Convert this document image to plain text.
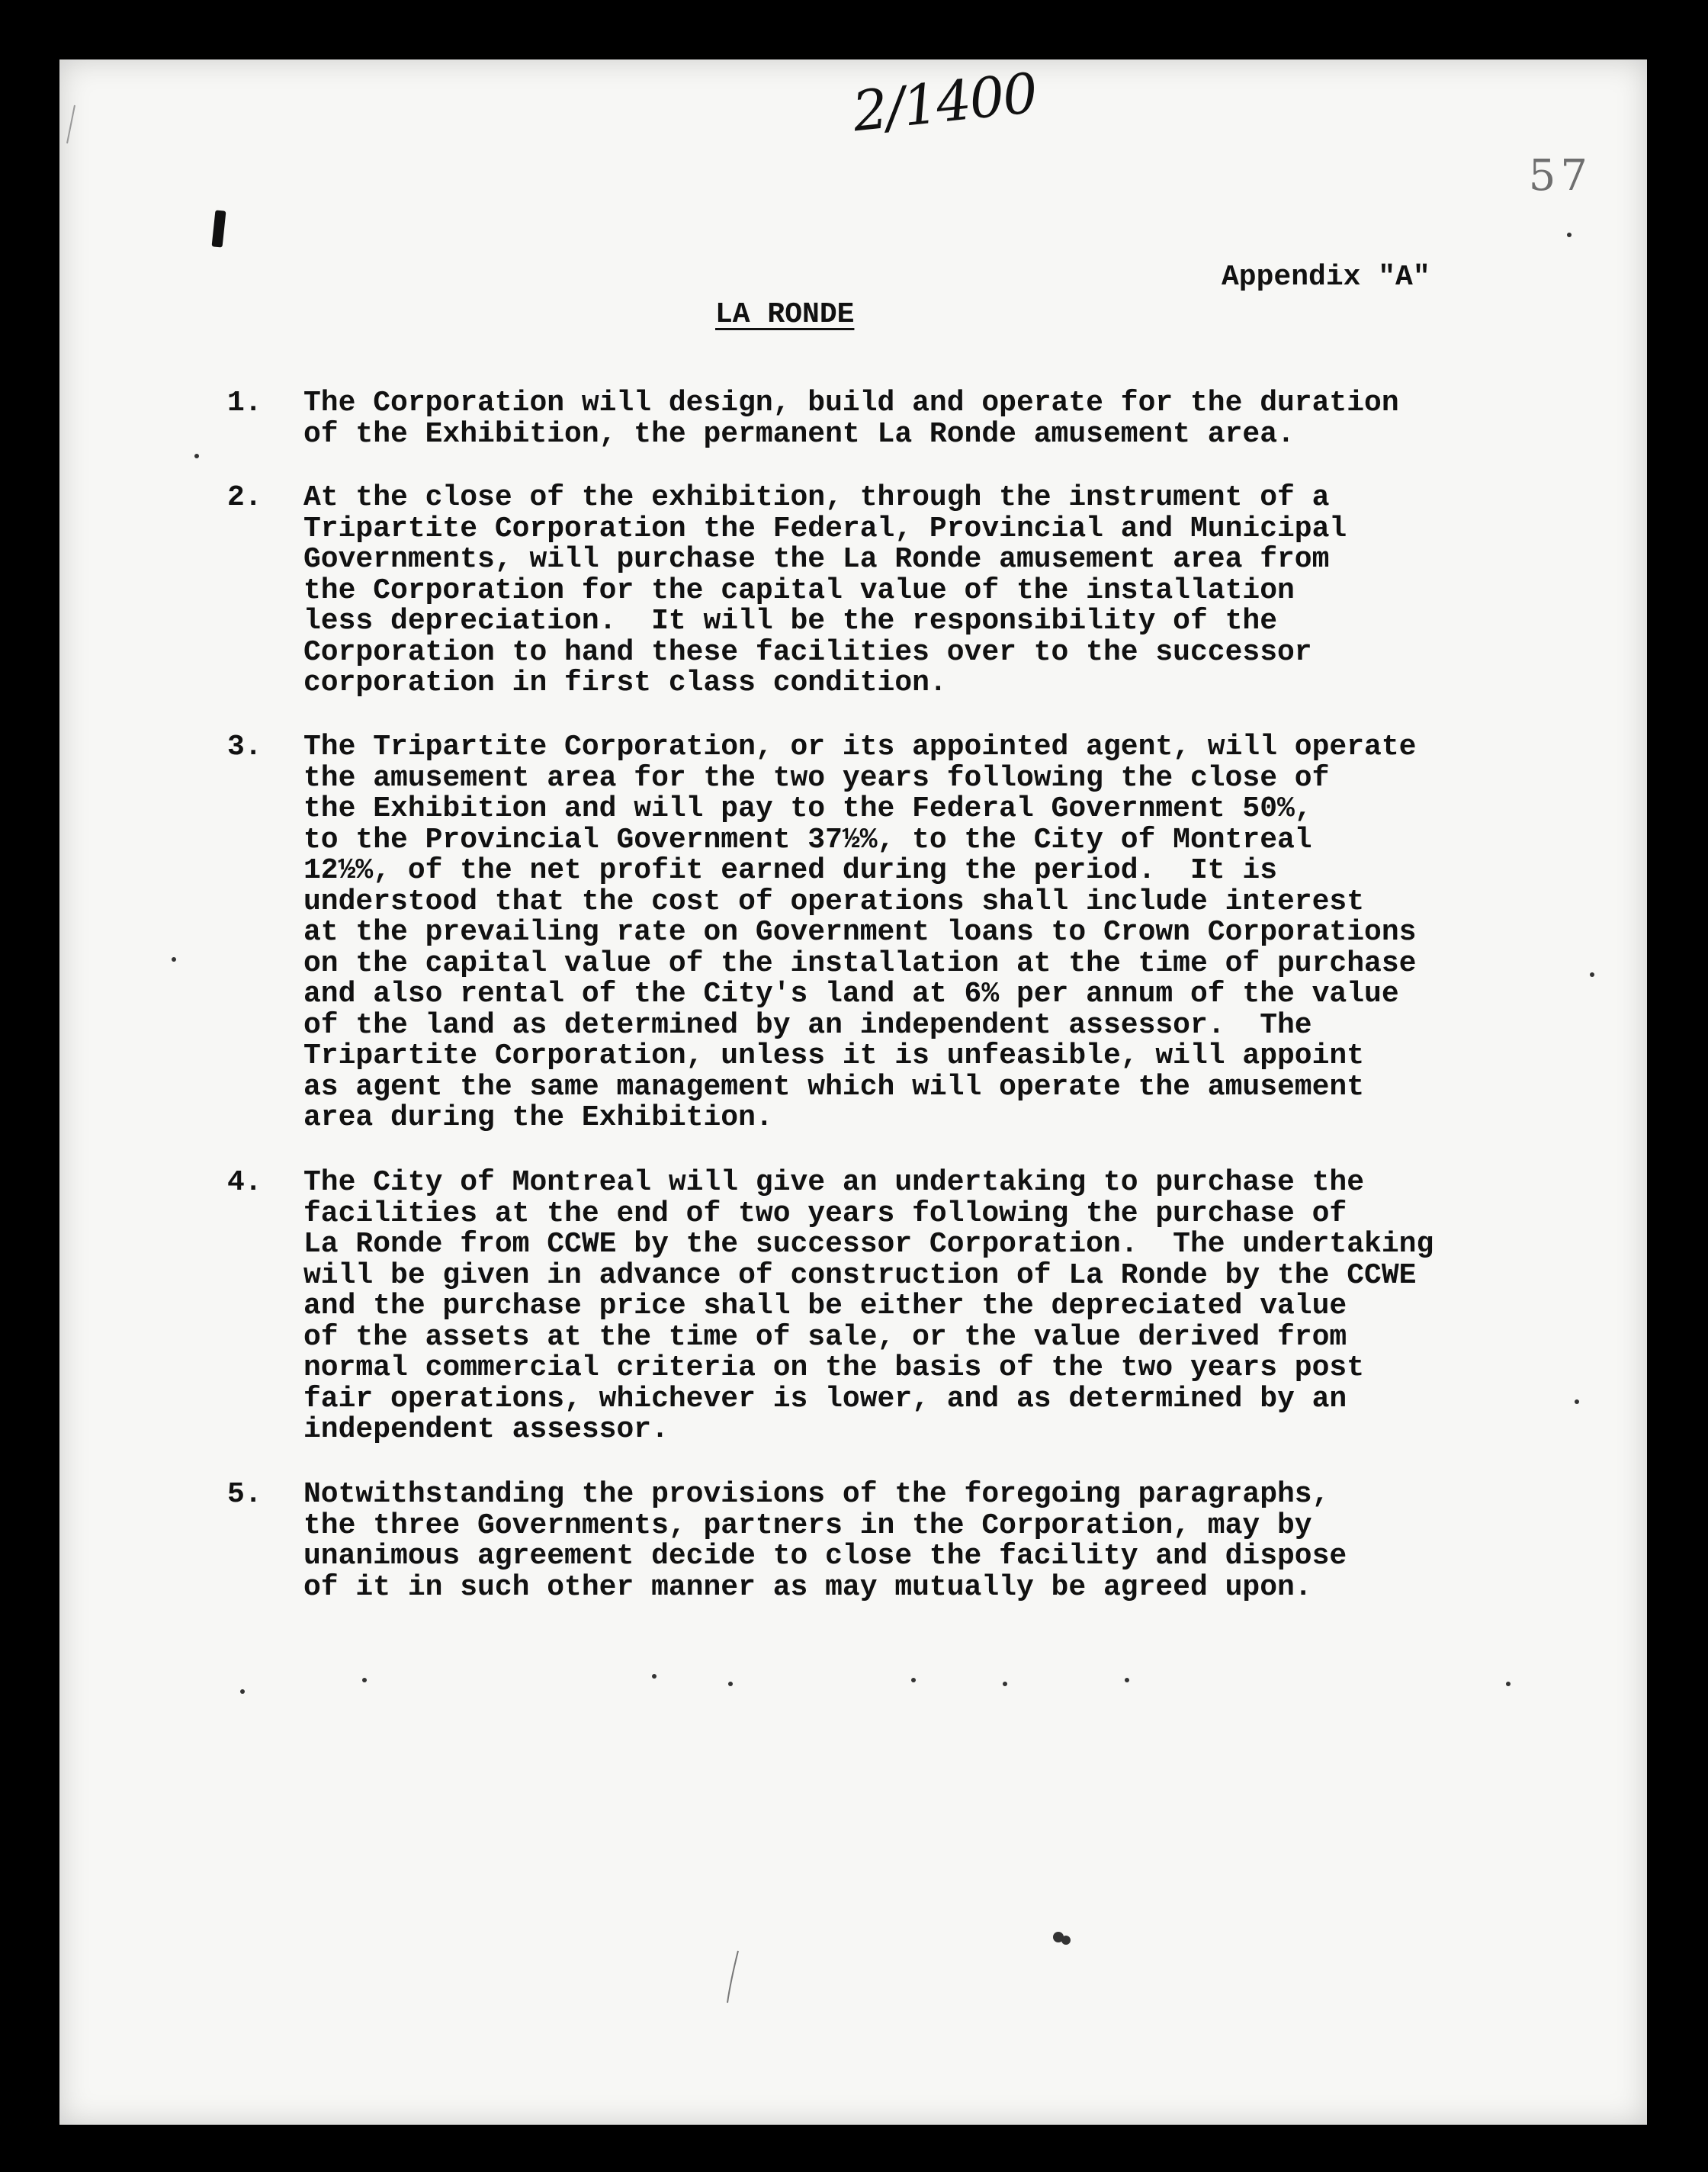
2/1400
57
Appendix "A"
LA RONDE
1. The Corporation will design, build and operate for the duration
of the Exhibition, the permanent La Ronde amusement area.
2. At the close of the exhibition, through the instrument of a
Tripartite Corporation the Federal, Provincial and Municipal
Governments, will purchase the La Ronde amusement area from
the Corporation for the capital value of the installation
less depreciation.  It will be the responsibility of the
Corporation to hand these facilities over to the successor
corporation in first class condition.
3. The Tripartite Corporation, or its appointed agent, will operate
the amusement area for the two years following the close of
the Exhibition and will pay to the Federal Government 50%,
to the Provincial Government 37½%, to the City of Montreal
12½%, of the net profit earned during the period.  It is
understood that the cost of operations shall include interest
at the prevailing rate on Government loans to Crown Corporations
on the capital value of the installation at the time of purchase
and also rental of the City's land at 6% per annum of the value
of the land as determined by an independent assessor.  The
Tripartite Corporation, unless it is unfeasible, will appoint
as agent the same management which will operate the amusement
area during the Exhibition.
4. The City of Montreal will give an undertaking to purchase the
facilities at the end of two years following the purchase of
La Ronde from CCWE by the successor Corporation.  The undertaking
will be given in advance of construction of La Ronde by the CCWE
and the purchase price shall be either the depreciated value
of the assets at the time of sale, or the value derived from
normal commercial criteria on the basis of the two years post
fair operations, whichever is lower, and as determined by an
independent assessor.
5. Notwithstanding the provisions of the foregoing paragraphs,
the three Governments, partners in the Corporation, may by
unanimous agreement decide to close the facility and dispose
of it in such other manner as may mutually be agreed upon.
